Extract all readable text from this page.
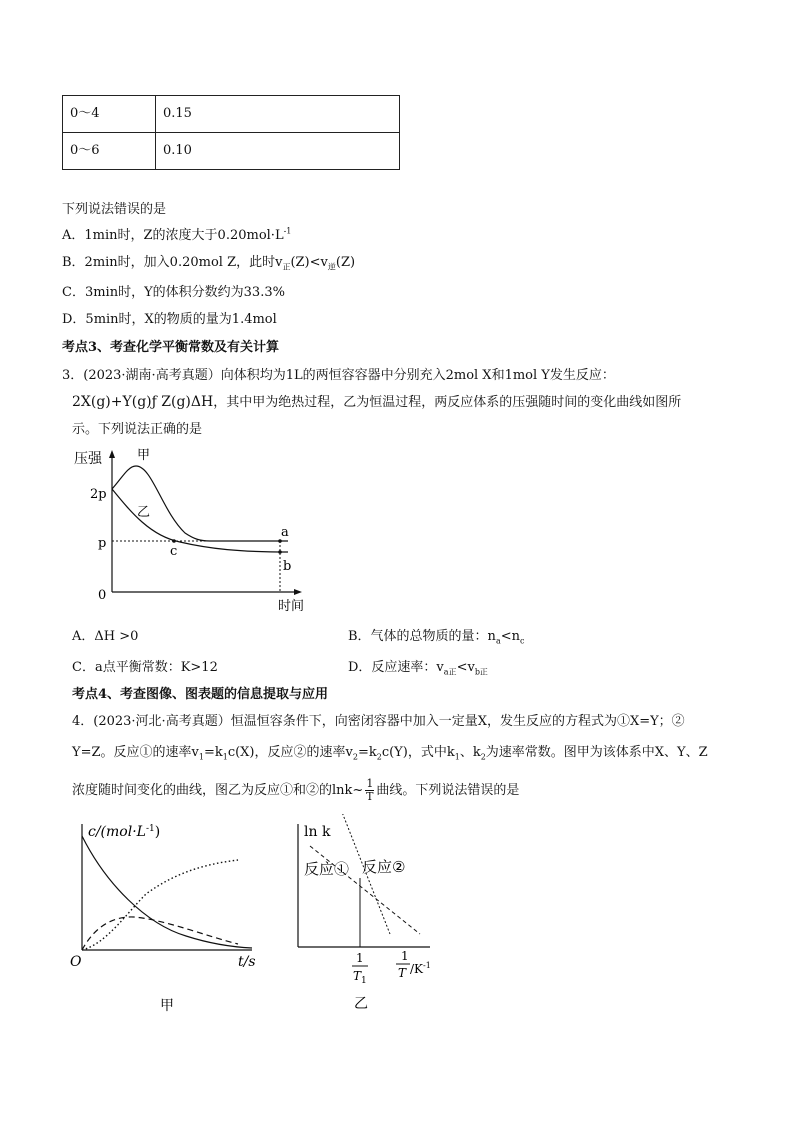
0～4	0.15
0～6	0.10
下列说法错误的是
A．1min时，Z的浓度大于$0.20mol\cdot L^{-1}$
B．2min时，加入0.20mol Z，此时$v_正(Z)<v_逆(Z)$
C．3min时，Y的体积分数约为33.3%
D．5min时，X的物质的量为1.4mol
考点3、考查化学平衡常数及有关计算
3．(2023·湖南·高考真题）向体积均为1L的两恒容容器中分别充入2mol X和1mol Y发生反应：
2X(g)+Y(g)ƒ Z(g)ΔH，其中甲为绝热过程，乙为恒温过程，两反应体系的压强随时间的变化曲线如图所
示。下列说法正确的是
压强	甲
乙
2p
p
0
时间
a
b
c
A．ΔH >0	B．气体的总物质的量：$n_a<n_c$
C．a点平衡常数：K>12	D．反应速率：$v_{a正}<v_{b正}$
考点4、考查图像、图表题的信息提取与应用
4．(2023·河北·高考真题）恒温恒容条件下，向密闭容器中加入一定量X，发生反应的方程式为①X=Y；②
Y=Z。反应①的速率$v_1=k_1c(X)$，反应②的速率$v_2=k_2c(Y)$，式中$k_1$、$k_2$为速率常数。图甲为该体系中X、Y、Z
浓度随时间变化的曲线，图乙为反应①和②的lnk~ $\frac{1}{T}$ 曲线。下列说法错误的是
$c/(mol\cdot L^{-1})$
O	t/s
甲
ln k
反应②
反应①
1
$T_1$
1
T $/K^{-1}$
乙
